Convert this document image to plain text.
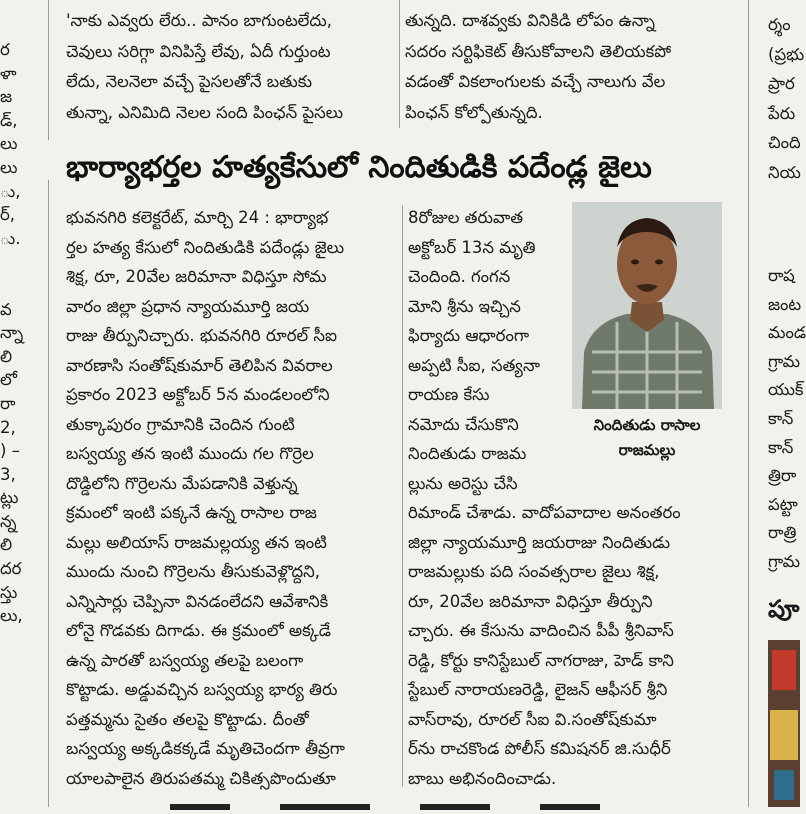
ర
ళా
జ
డ్,
లు
లు
ు,
ర్,
ు.

వ
న్నా
లి
లో
రా
2,
) –
3,
ట్లు
న్న
లి
దర
స్తు
లు,
'నాకు ఎవ్వరు లేరు.. పానం బాగుంటలేదు,
చెవులు సరిగ్గా వినిపిస్తే లేవు, ఏదీ గుర్తుంట
లేదు, నెలనెలా వచ్చే పైసలతోనే బతుకు
తున్నా, ఎనిమిది నెలల సంది పింఛన్ పైసలు
తున్నది. దాశవ్వకు వినికిడి లోపం ఉన్నా
సదరం సర్టిఫికెట్ తీసుకోవాలని తెలియకపో
వడంతో వికలాంగులకు వచ్చే నాలుగు వేల
పింఛన్ కోల్పోతున్నది.
భార్యాభర్తల హత్యకేసులో నిందితుడికి పదేండ్ల జైలు
భువనగిరి కలెక్టరేట్, మార్చి 24 : భార్యాభ
ర్తల హత్య కేసులో నిందితుడికి పదేండ్లు జైలు
శిక్ష, రూ, 20వేల జరిమానా విధిస్తూ సోమ
వారం జిల్లా ప్రధాన న్యాయమూర్తి జయ
రాజు తీర్పునిచ్చారు. భువనగిరి రూరల్ సీఐ
వారణాసి సంతోష్‌కుమార్ తెలిపిన వివరాల
ప్రకారం 2023 అక్టోబర్ 5న మండలంలోని
తుక్కాపురం గ్రామానికి చెందిన గుంటి
బస్వయ్య తన ఇంటి ముందు గల గొర్రెల
దొడ్డిలోని గొర్రెలను మేపడానికి వెళ్తున్న
క్రమంలో ఇంటి పక్కనే ఉన్న రాసాల రాజ
మల్లు అలియాస్ రాజమల్లయ్య తన ఇంటి
ముందు నుంచి గొర్రెలను తీసుకువెళ్లొద్దని,
ఎన్నిసార్లు చెప్పినా వినడంలేదని ఆవేశానికి
లోనై గొడవకు దిగాడు. ఈ క్రమంలో అక్కడే
ఉన్న పారతో బస్వయ్య తలపై బలంగా
కొట్టాడు. అడ్డువచ్చిన బస్వయ్య భార్య తిరు
పత్తమ్మను సైతం తలపై కొట్టాడు. దీంతో
బస్వయ్య అక్కడికక్కడే మృతిచెందగా తీవ్రగా
యాలపాలైన తిరుపతమ్మ చికిత్సపొందుతూ
8రోజుల తరువాత
అక్టోబర్ 13న మృతి
చెందింది. గంగన
మోని శ్రీను ఇచ్చిన
ఫిర్యాదు ఆధారంగా
అప్పటి సీఐ, సత్యనా
రాయణ కేసు
నమోదు చేసుకొని
నిందితుడు రాజమ
ల్లును అరెస్టు చేసి
నిందితుడు రాసాల
రాజమల్లు
రిమాండ్ చేశాడు. వాదోపవాదాల అనంతరం
జిల్లా న్యాయమూర్తి జయరాజు నిందితుడు
రాజమల్లుకు పది సంవత్సరాల జైలు శిక్ష,
రూ, 20వేల జరిమానా విధిస్తూ తీర్పుని
చ్చారు. ఈ కేసును వాదించిన పీపీ శ్రీనివాస్
రెడ్డి, కోర్టు కానిస్టేబుల్ నాగరాజు, హెడ్ కాని
స్టేబుల్ నారాయణరెడ్డి, లైజన్ ఆఫీసర్ శ్రీని
వాస్‌రావు, రూరల్ సీఐ వి.సంతోష్‌కుమా
ర్‌ను రాచకొండ పోలీస్ కమిషనర్ జి.సుధీర్
బాబు అభినందించాడు.
ర్శం
(ప్రభు
ప్రార
పేరు
చింది
నియ
రాష
జంట
మండ
గ్రామ
యుక్
కాన్
కాన్
త్రిరా
పట్టా
రాత్రి
గ్రామ
పూ
